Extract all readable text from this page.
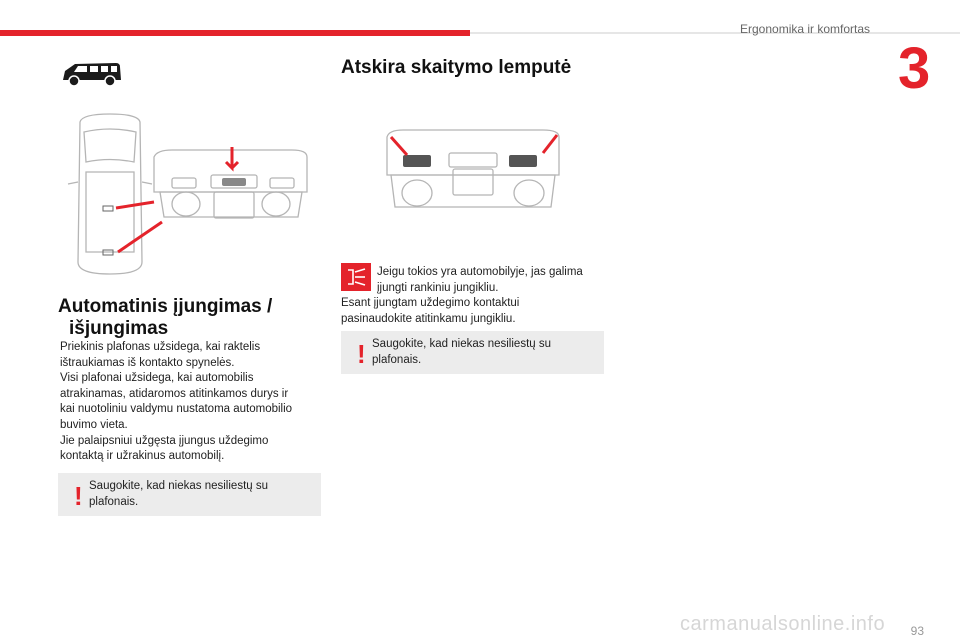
Ergonomika ir komfortas
3
Automatinis įjungimas /
išjungimas
Priekinis plafonas užsidega, kai raktelis
ištraukiamas iš kontakto spynelės.
Visi plafonai užsidega, kai automobilis
atrakinamas, atidaromos atitinkamos durys ir
kai nuotoliniu valdymu nustatoma automobilio
buvimo vieta.
Jie palaipsniui užgęsta įjungus uždegimo
kontaktą ir užrakinus automobilį.
! Saugokite, kad niekas nesiliestų su
plafonais.
Atskira skaitymo lemputė
Jeigu tokios yra automobilyje, jas galima
įjungti rankiniu jungikliu.
Esant įjungtam uždegimo kontaktui
pasinaudokite atitinkamu jungikliu.
! Saugokite, kad niekas nesiliestų su
plafonais.
carmanualsonline.info 93
